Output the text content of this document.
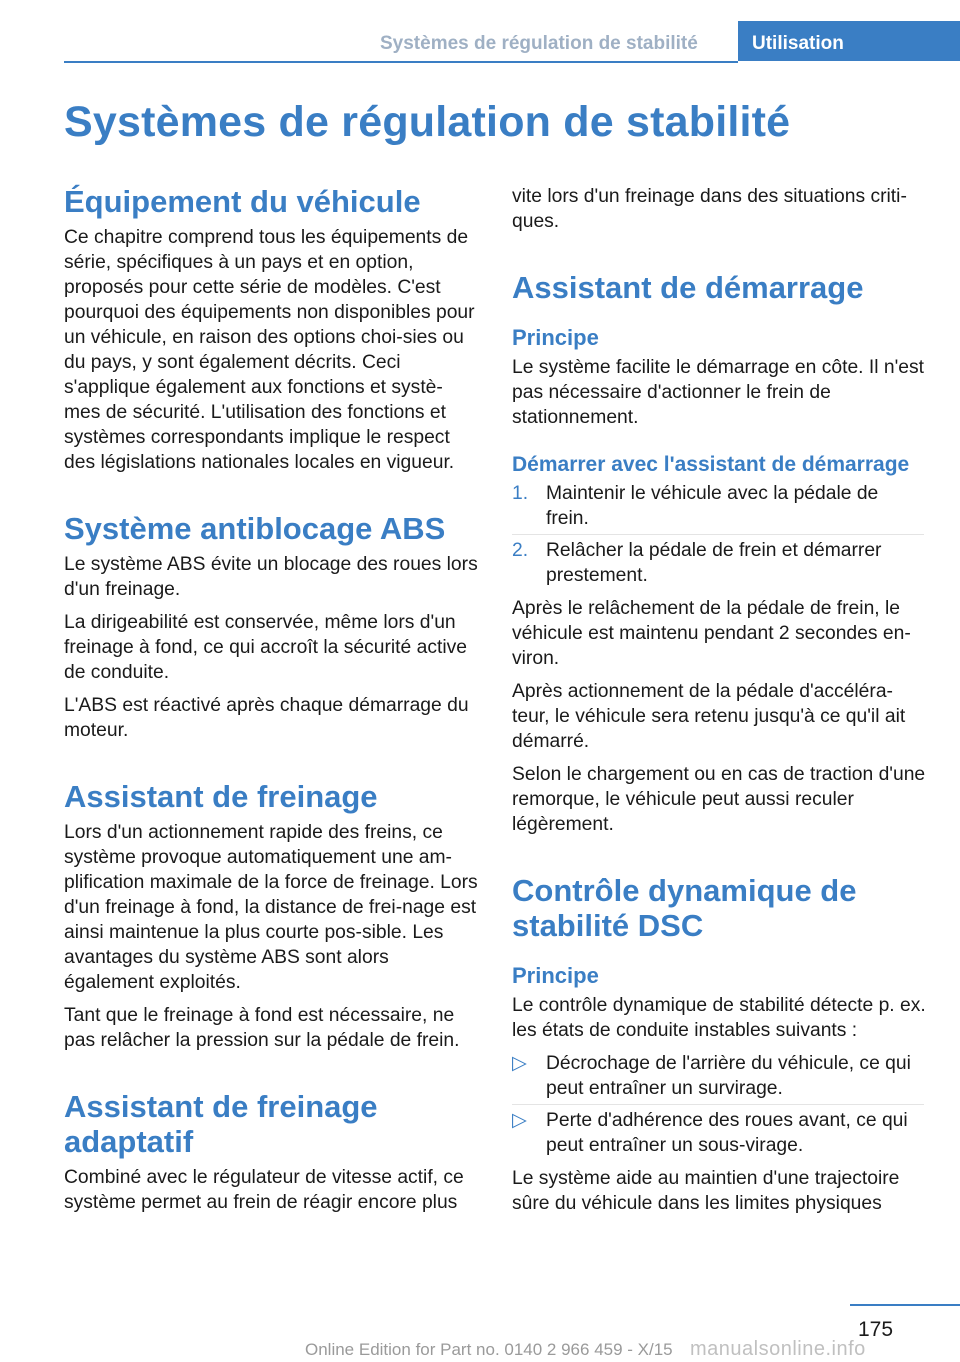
Systèmes de régulation de stabilité	Utilisation
Systèmes de régulation de stabilité
Équipement du véhicule

Ce chapitre comprend tous les équipements de série, spécifiques à un pays et en option, proposés pour cette série de modèles. C'est pourquoi des équipements non disponibles pour un véhicule, en raison des options choi-sies ou du pays, y sont également décrits. Ceci s'applique également aux fonctions et systè-mes de sécurité. L'utilisation des fonctions et systèmes correspondants implique le respect des législations nationales locales en vigueur.

Système antiblocage ABS

Le système ABS évite un blocage des roues lors d'un freinage.

La dirigeabilité est conservée, même lors d'un freinage à fond, ce qui accroît la sécurité active de conduite.

L'ABS est réactivé après chaque démarrage du moteur.

Assistant de freinage

Lors d'un actionnement rapide des freins, ce système provoque automatiquement une am-plification maximale de la force de freinage. Lors d'un freinage à fond, la distance de frei-nage est ainsi maintenue la plus courte pos-sible. Les avantages du système ABS sont alors également exploités.

Tant que le freinage à fond est nécessaire, ne pas relâcher la pression sur la pédale de frein.

Assistant de freinage adaptatif

Combiné avec le régulateur de vitesse actif, ce système permet au frein de réagir encore plus

vite lors d'un freinage dans des situations criti-ques.

Assistant de démarrage
Principe

Le système facilite le démarrage en côte. Il n'est pas nécessaire d'actionner le frein de stationnement.

Démarrer avec l'assistant de démarrage
1. Maintenir le véhicule avec la pédale de frein.
2. Relâcher la pédale de frein et démarrer prestement.

Après le relâchement de la pédale de frein, le véhicule est maintenu pendant 2 secondes en-viron.

Après actionnement de la pédale d'accéléra-teur, le véhicule sera retenu jusqu'à ce qu'il ait démarré.

Selon le chargement ou en cas de traction d'une remorque, le véhicule peut aussi reculer légèrement.

Contrôle dynamique de stabilité DSC
Principe

Le contrôle dynamique de stabilité détecte p. ex. les états de conduite instables suivants :

▷ Décrochage de l'arrière du véhicule, ce qui peut entraîner un survirage.
▷ Perte d'adhérence des roues avant, ce qui peut entraîner un sous-virage.

Le système aide au maintien d'une trajectoire sûre du véhicule dans les limites physiques

175
Online Edition for Part no. 0140 2 966 459 - X/15 manualsonline.info
